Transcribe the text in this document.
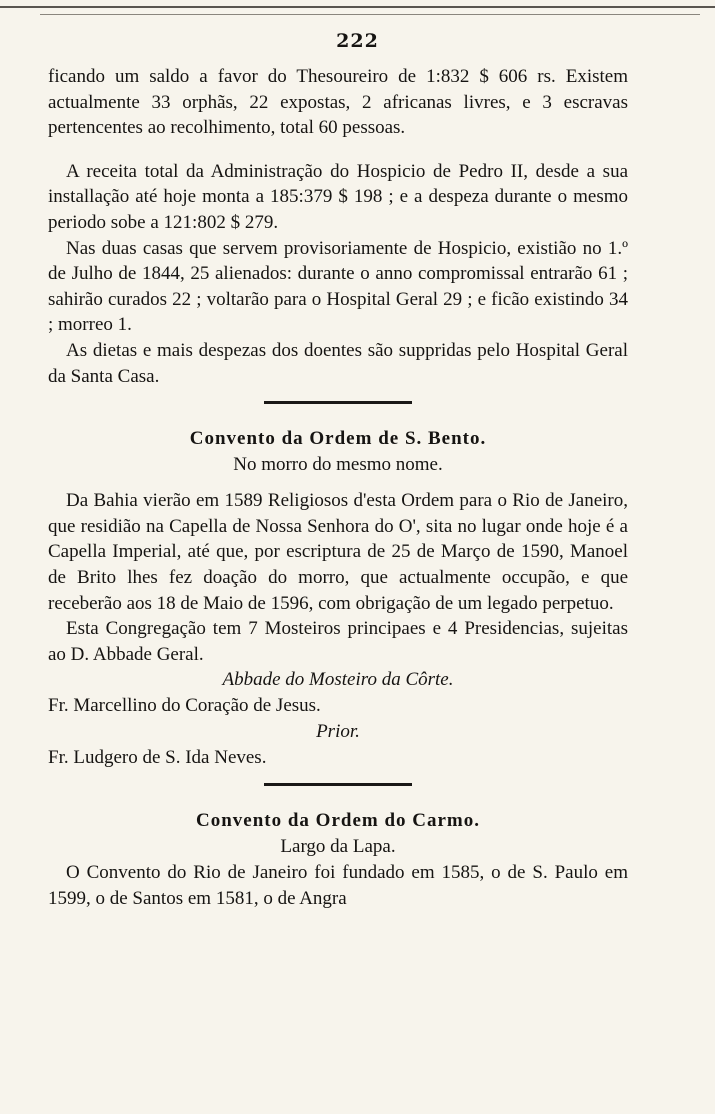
222

ficando um saldo a favor do Thesoureiro de 1:832 $ 606 rs. Existem actualmente 33 orphãs, 22 expostas, 2 africanas livres, e 3 escravas pertencentes ao recolhimento, total 60 pessoas.

A receita total da Administração do Hospicio de Pedro II, desde a sua installação até hoje monta a 185:379 $ 198 ; e a despeza durante o mesmo periodo sobe a 121:802 $ 279.

Nas duas casas que servem provisoriamente de Hospicio, existião no 1.º de Julho de 1844, 25 alienados: durante o anno compromissal entrarão 61 ; sahirão curados 22 ; voltarão para o Hospital Geral 29 ; e ficão existindo 34 ; morreo 1.

As dietas e mais despezas dos doentes são suppridas pelo Hospital Geral da Santa Casa.

Convento da Ordem de S. Bento.
No morro do mesmo nome.

Da Bahia vierão em 1589 Religiosos d'esta Ordem para o Rio de Janeiro, que residião na Capella de Nossa Senhora do O', sita no lugar onde hoje é a Capella Imperial, até que, por escriptura de 25 de Março de 1590, Manoel de Brito lhes fez doação do morro, que actualmente occupão, e que receberão aos 18 de Maio de 1596, com obrigação de um legado perpetuo.

Esta Congregação tem 7 Mosteiros principaes e 4 Presidencias, sujeitas ao D. Abbade Geral.

Abbade do Mosteiro da Côrte.
Fr. Marcellino do Coração de Jesus.
Prior.
Fr. Ludgero de S. Ida Neves.
Convento da Ordem do Carmo.
Largo da Lapa.

O Convento do Rio de Janeiro foi fundado em 1585, o de S. Paulo em 1599, o de Santos em 1581, o de Angra
